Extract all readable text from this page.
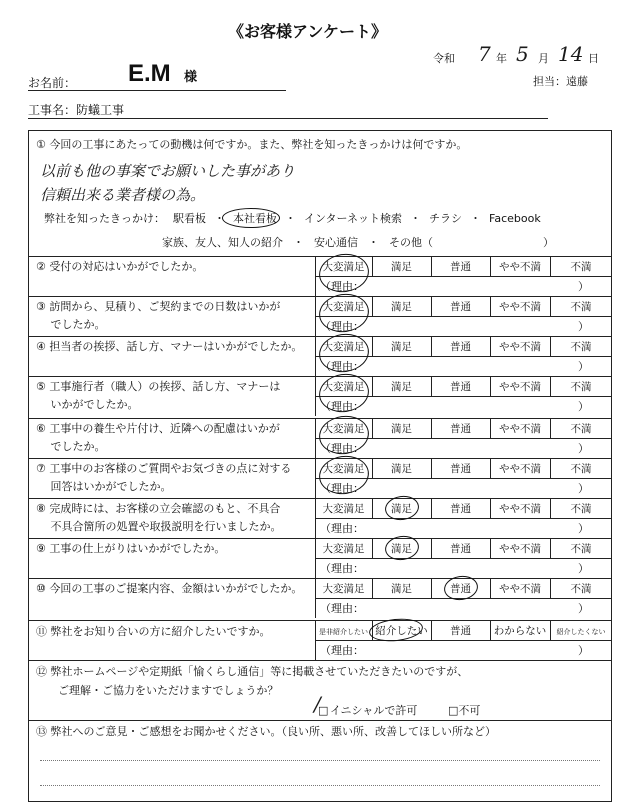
《お客様アンケート》
令和 7 年 5 月 14 日
お名前： E.M 様	担当：遠藤
工事名：防蟻工事
① 今回の工事にあたっての動機は何ですか。また、弊社を知ったきっかけは何ですか。
以前も他の事案でお願いした事があり
信頼出来る業者様の為。
弊社を知ったきっかけ： 駅看板 ・ 本社看板 ・ インターネット検索 ・ チラシ ・ Facebook
家族、友人、知人の紹介 ・ 安心通信 ・ その他（	）
② 受付の対応はいかがでしたか。	大変満足	満足	普通	やや不満	不満
（理由：	）
③ 訪問から、見積り、ご契約までの日数はいかが
　 でしたか。
大変満足	満足	普通	やや不満	不満
（理由：	）
④ 担当者の挨拶、話し方、マナーはいかがでしたか。	大変満足	満足	普通	やや不満	不満
（理由：	）
⑤ 工事施行者（職人）の挨拶、話し方、マナーは
　 いかがでしたか。
大変満足	満足	普通	やや不満	不満
（理由：	）
⑥ 工事中の養生や片付け、近隣への配慮はいかが
　 でしたか。
大変満足	満足	普通	やや不満	不満
（理由：	）
⑦ 工事中のお客様のご質問やお気づきの点に対する
　 回答はいかがでしたか。
大変満足	満足	普通	やや不満	不満
（理由：	）
⑧ 完成時には、お客様の立会確認のもと、不具合
　 不具合箇所の処置や取扱説明を行いましたか。
大変満足	満足	普通	やや不満	不満
（理由：	）
⑨ 工事の仕上がりはいかがでしたか。	大変満足	満足	普通	やや不満	不満
（理由：	）
⑩ 今回の工事のご提案内容、金額はいかがでしたか。	大変満足	満足	普通	やや不満	不満
（理由：	）
⑪ 弊社をお知り合いの方に紹介したいですか。	是非紹介したい 紹介したい	普通	わからない	紹介したくない
（理由：	）
⑫ 弊社ホームページや定期紙「愉くらし通信」等に掲載させていただきたいのですが、
ご理解・ご協力をいただけますでしょうか？
□
/ イニシャルで許可	□不可
⑬ 弊社へのご意見・ご感想をお聞かせください。（良い所、悪い所、改善してほしい所など）
